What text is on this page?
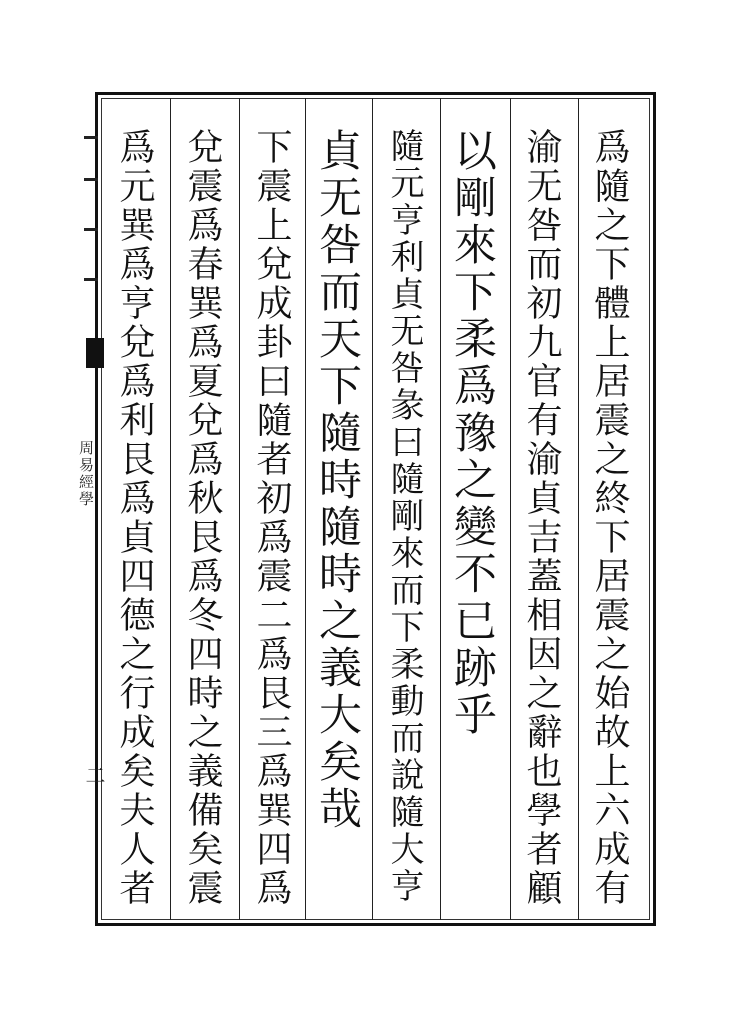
爲隨之下體上居震之終下居震之始故上六成有
渝无咎而初九官有渝貞吉蓋相因之辭也學者顧
以剛來下柔爲豫之變不已跡乎
隨元亨利貞无咎彖曰隨剛來而下柔動而說隨大亨
貞无咎而天下隨時隨時之義大矣哉
下震上兌成卦曰隨者初爲震二爲艮三爲巽四爲
兌震爲春巽爲夏兌爲秋艮爲冬四時之義備矣震
爲元巽爲亨兌爲利艮爲貞四德之行成矣夫人者
周易經學
二
